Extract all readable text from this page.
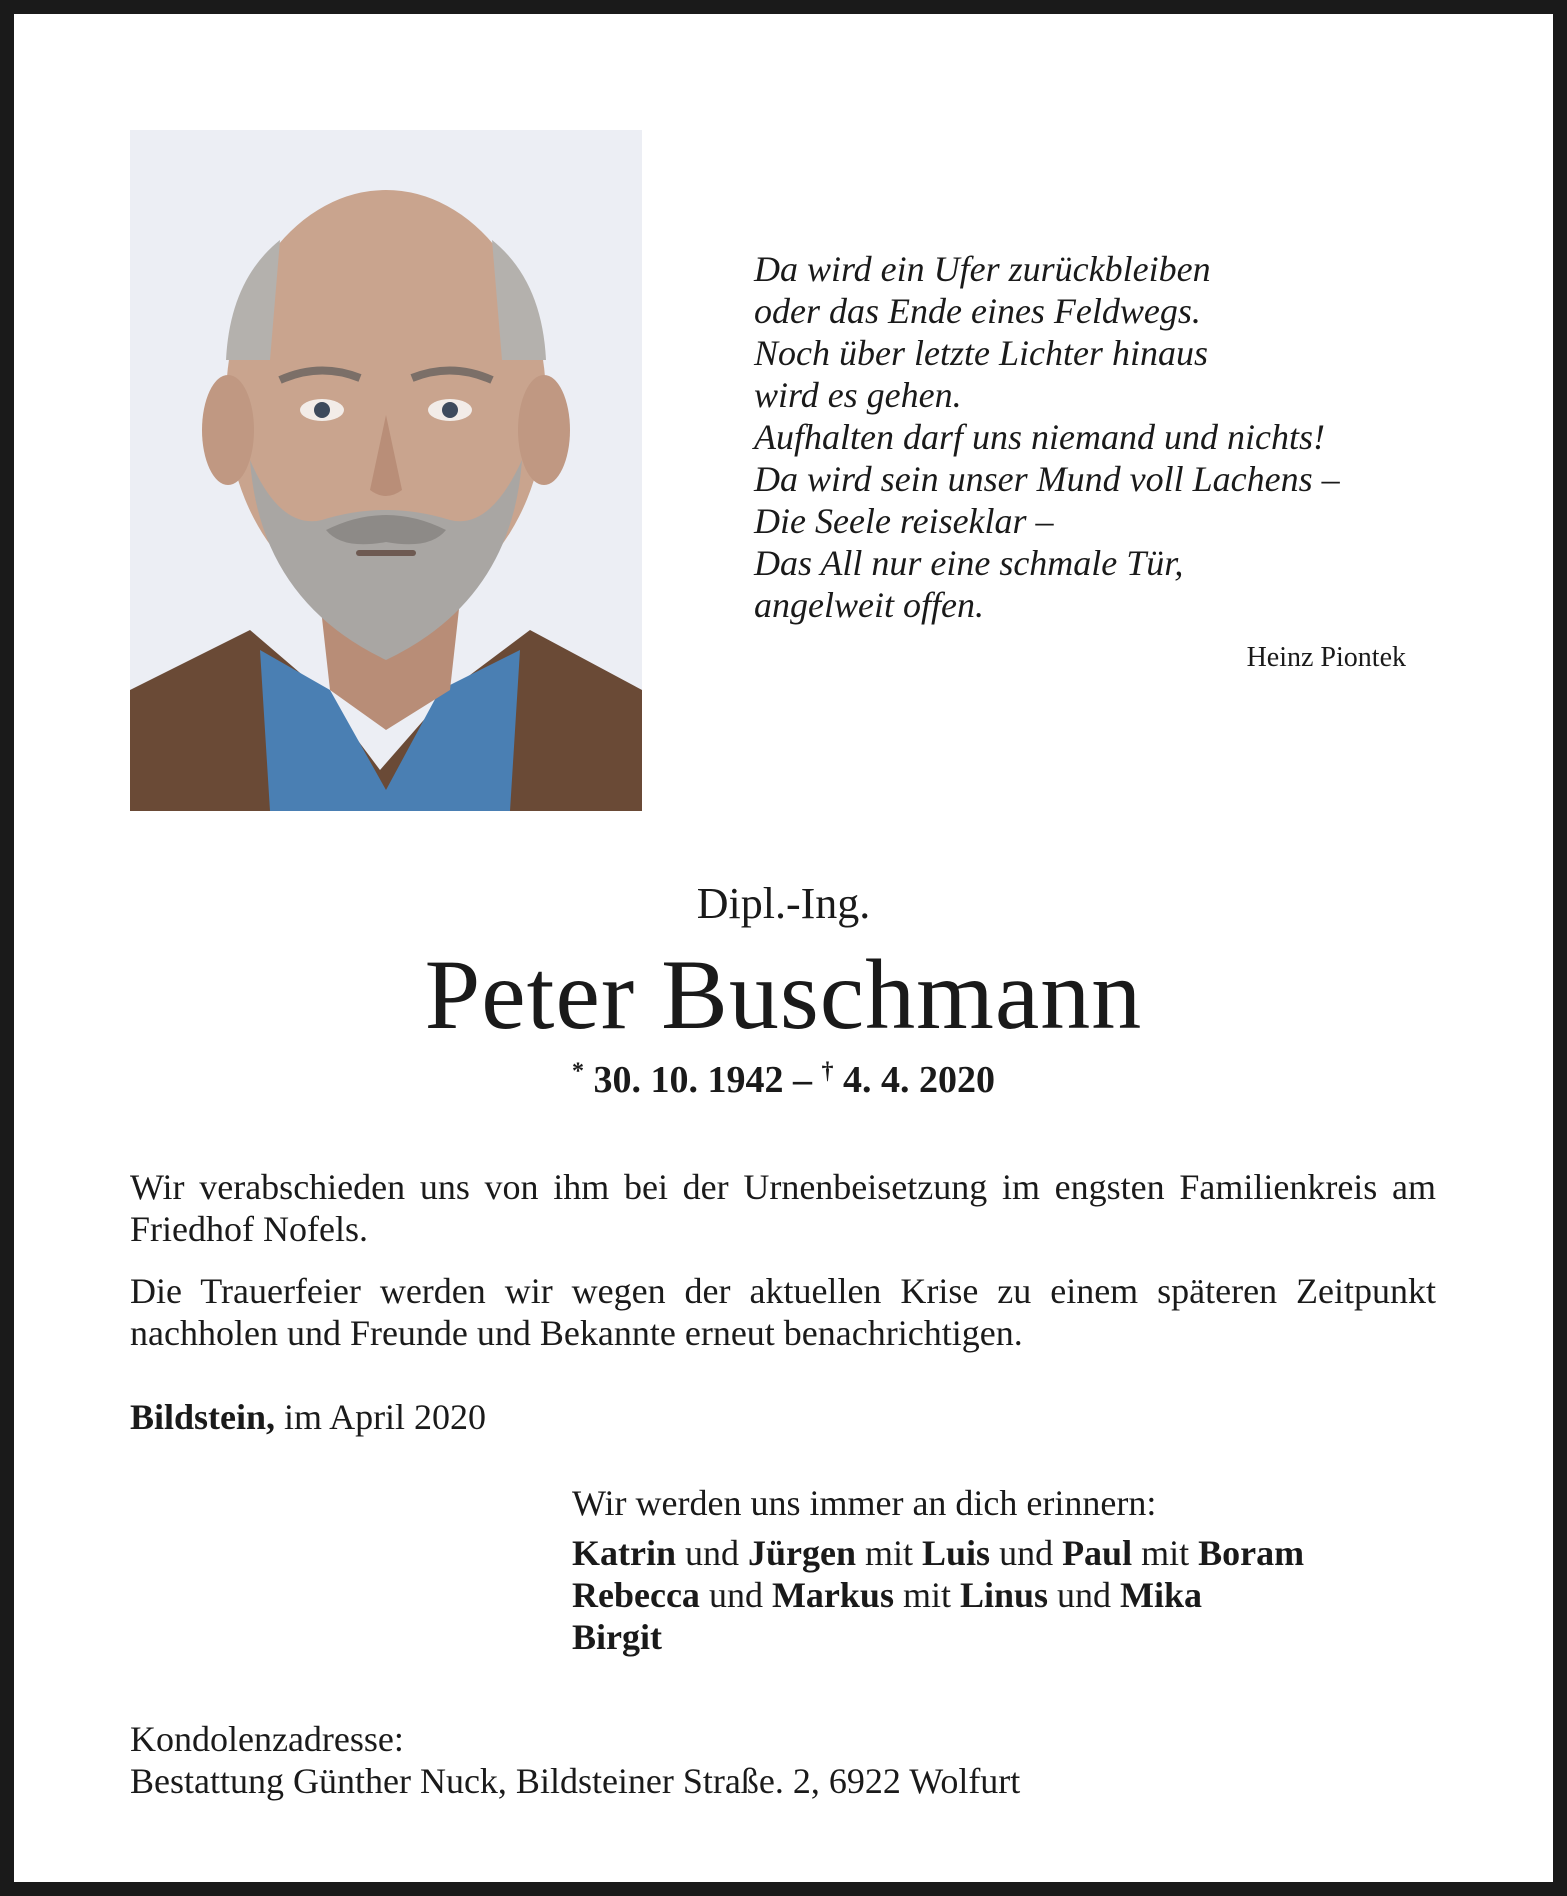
Da wird ein Ufer zurückbleiben
oder das Ende eines Feldwegs.
Noch über letzte Lichter hinaus
wird es gehen.
Aufhalten darf uns niemand und nichts!
Da wird sein unser Mund voll Lachens –
Die Seele reiseklar –
Das All nur eine schmale Tür,
angelweit offen.
Heinz Piontek
Dipl.-Ing.
Peter Buschmann
* 30. 10. 1942 – † 4. 4. 2020
Wir verabschieden uns von ihm bei der Urnenbeisetzung im engsten Familienkreis am Friedhof Nofels.
Die Trauerfeier werden wir wegen der aktuellen Krise zu einem späteren Zeitpunkt nachholen und Freunde und Bekannte erneut benachrichtigen.
Bildstein, im April 2020
Wir werden uns immer an dich erinnern:
Katrin und Jürgen mit Luis und Paul mit Boram
Rebecca und Markus mit Linus und Mika
Birgit
Kondolenzadresse:
Bestattung Günther Nuck, Bildsteiner Straße. 2, 6922 Wolfurt
